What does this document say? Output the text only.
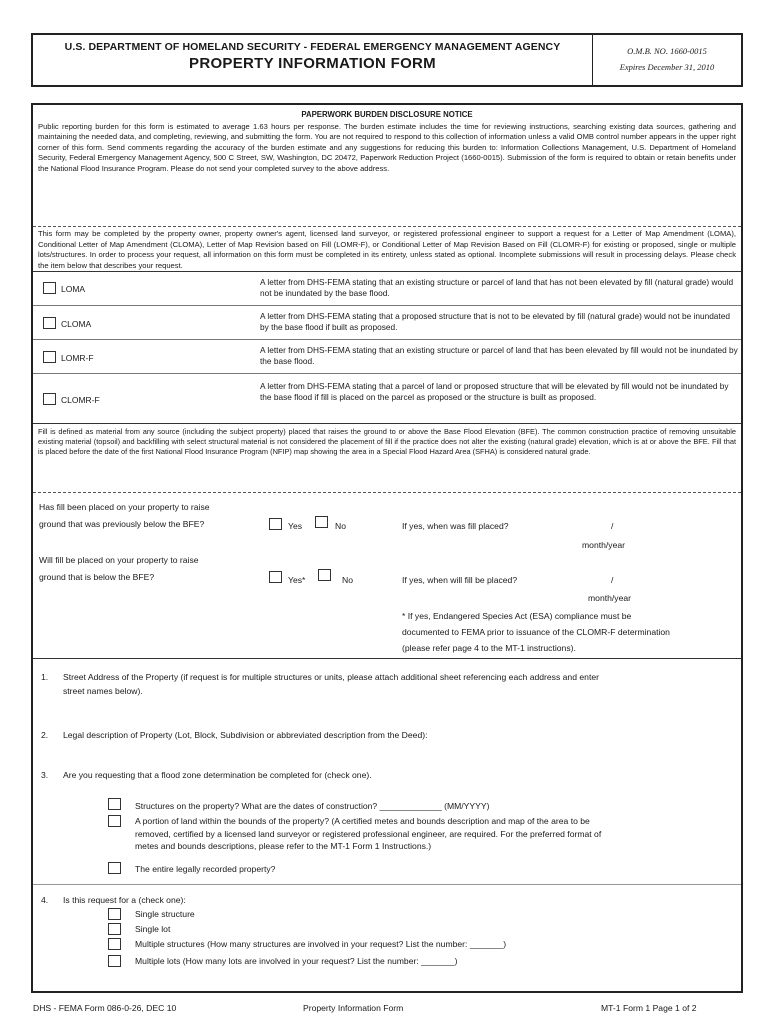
U.S. DEPARTMENT OF HOMELAND SECURITY - FEDERAL EMERGENCY MANAGEMENT AGENCY
PROPERTY INFORMATION FORM
O.M.B. NO. 1660-0015
Expires December 31, 2010
PAPERWORK BURDEN DISCLOSURE NOTICE
Public reporting burden for this form is estimated to average 1.63 hours per response. The burden estimate includes the time for reviewing instructions, searching existing data sources, gathering and maintaining the needed data, and completing, reviewing, and submitting the form. You are not required to respond to this collection of information unless a valid OMB control number appears in the upper right corner of this form. Send comments regarding the accuracy of the burden estimate and any suggestions for reducing this burden to: Information Collections Management, U.S. Department of Homeland Security, Federal Emergency Management Agency, 500 C Street, SW, Washington, DC 20472, Paperwork Reduction Project (1660-0015). Submission of the form is required to obtain or retain benefits under the National Flood Insurance Program. Please do not send your completed survey to the above address.
This form may be completed by the property owner, property owner's agent, licensed land surveyor, or registered professional engineer to support a request for a Letter of Map Amendment (LOMA), Conditional Letter of Map Amendment (CLOMA), Letter of Map Revision based on Fill (LOMR-F), or Conditional Letter of Map Revision Based on Fill (CLOMR-F) for existing or proposed, single or multiple lots/structures. In order to process your request, all information on this form must be completed in its entirety, unless stated as optional. Incomplete submissions will result in processing delays. Please check the item below that describes your request.
LOMA
A letter from DHS-FEMA stating that an existing structure or parcel of land that has not been elevated by fill (natural grade) would not be inundated by the base flood.
CLOMA
A letter from DHS-FEMA stating that a proposed structure that is not to be elevated by fill (natural grade) would not be inundated by the base flood if built as proposed.
LOMR-F
A letter from DHS-FEMA stating that an existing structure or parcel of land that has been elevated by fill would not be inundated by the base flood.
CLOMR-F
A letter from DHS-FEMA stating that a parcel of land or proposed structure that will be elevated by fill would not be inundated by the base flood if fill is placed on the parcel as proposed or the structure is built as proposed.
Fill is defined as material from any source (including the subject property) placed that raises the ground to or above the Base Flood Elevation (BFE). The common construction practice of removing unsuitable existing material (topsoil) and backfilling with select structural material is not considered the placement of fill if the practice does not alter the existing (natural grade) elevation, which is at or above the BFE. Fill that is placed before the date of the first National Flood Insurance Program (NFIP) map showing the area in a Special Flood Hazard Area (SFHA) is considered natural grade.
Has fill been placed on your property to raise
ground that was previously below the BFE?	Yes	No	If yes, when was fill placed?	/
month/year
Will fill be placed on your property to raise
ground that is below the BFE?	Yes*	No	If yes, when will fill be placed?	/
month/year
* If yes, Endangered Species Act (ESA) compliance must be
documented to FEMA prior to issuance of the CLOMR-F determination
(please refer page 4 to the MT-1 instructions).
1. Street Address of the Property (if request is for multiple structures or units, please attach additional sheet referencing each address and enter
street names below).
2. Legal description of Property (Lot, Block, Subdivision or abbreviated description from the Deed):
3. Are you requesting that a flood zone determination be completed for (check one).
Structures on the property? What are the dates of construction? _____________ (MM/YYYY)
A portion of land within the bounds of the property? (A certified metes and bounds description and map of the area to be
removed, certified by a licensed land surveyor or registered professional engineer, are required. For the preferred format of
metes and bounds descriptions, please refer to the MT-1 Form 1 Instructions.)
The entire legally recorded property?
4. Is this request for a (check one):
Single structure
Single lot
Multiple structures (How many structures are involved in your request? List the number: _______)
Multiple lots (How many lots are involved in your request? List the number: _______)
DHS - FEMA Form 086-0-26, DEC 10	Property Information Form	MT-1 Form 1 Page 1 of 2
